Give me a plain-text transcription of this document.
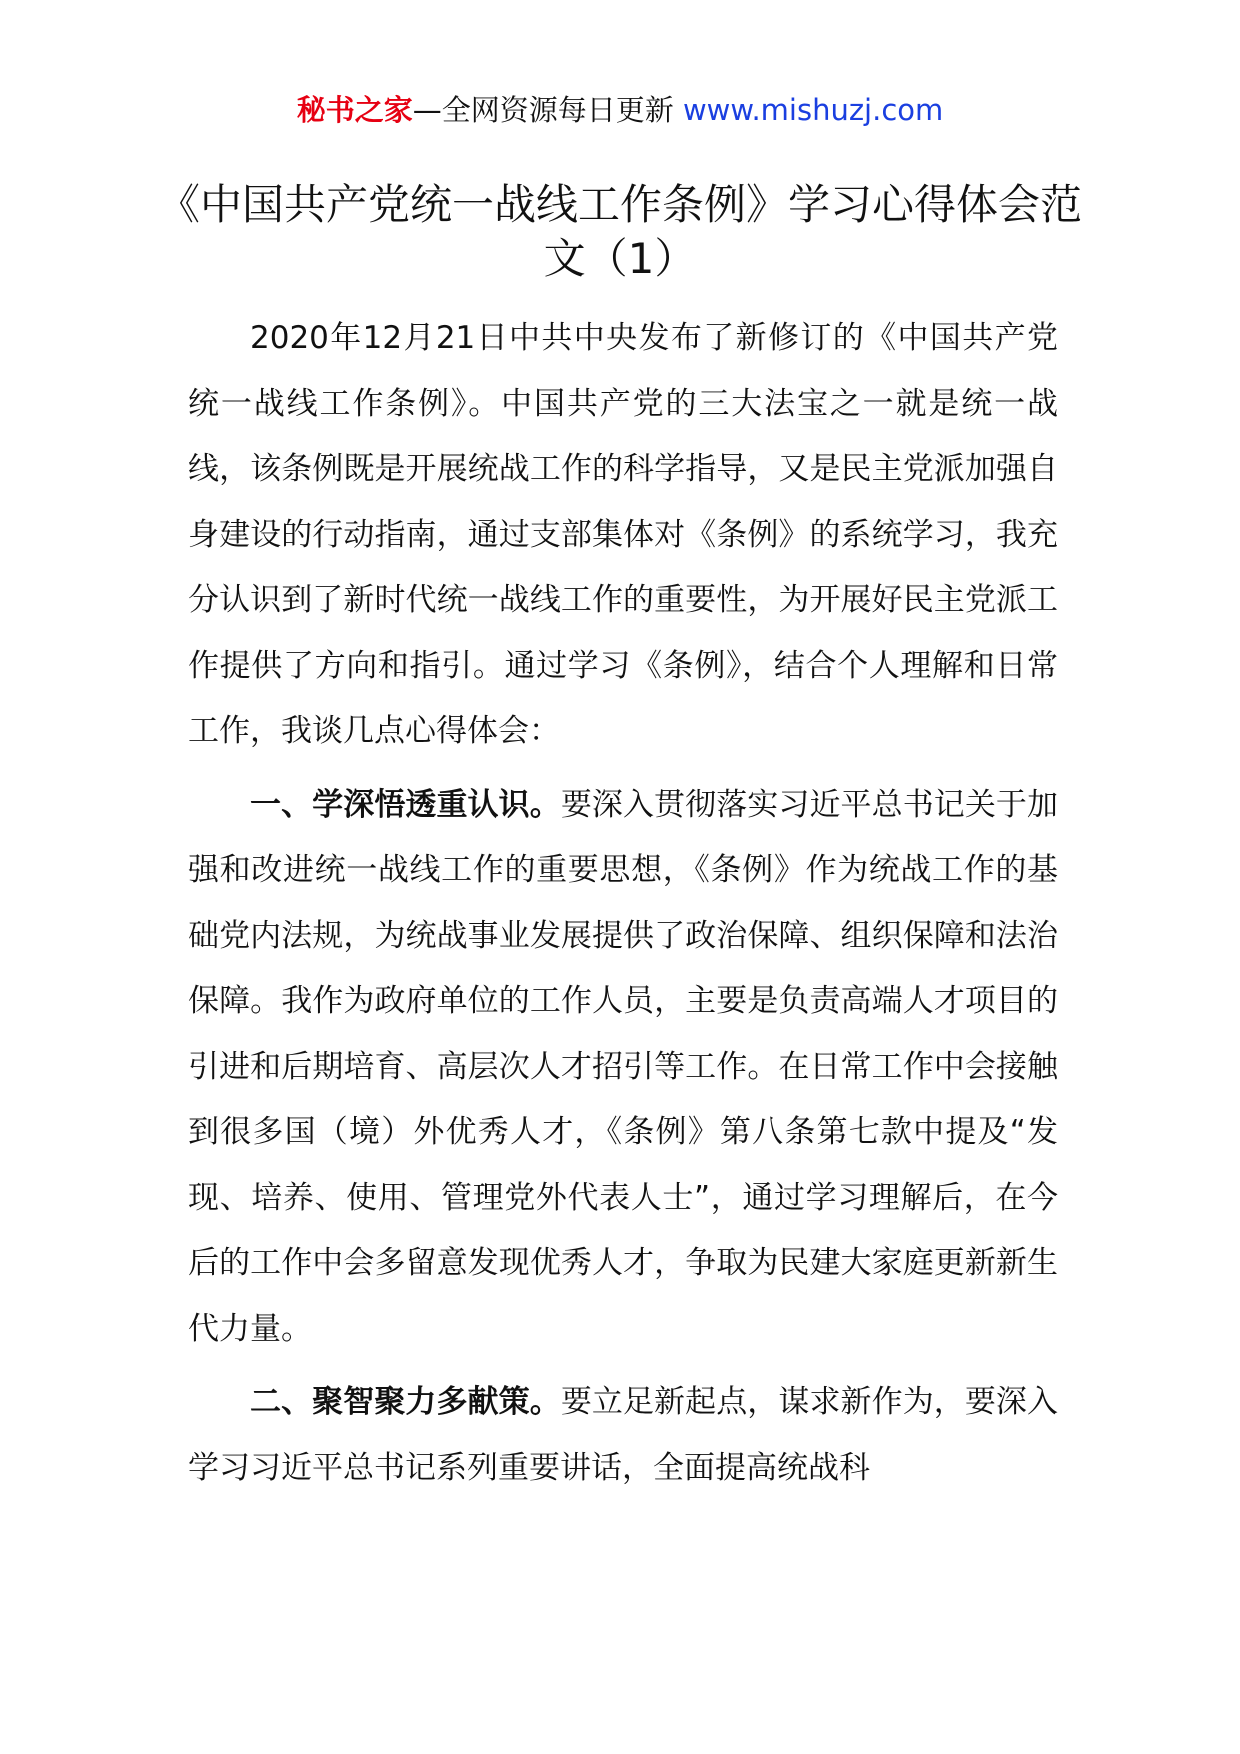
秘书之家—全网资源每日更新 www.mishuzj.com
《中国共产党统一战线工作条例》学习心得体会范文（1）

2020年12月21日中共中央发布了新修订的《中国共产党统一战线工作条例》。中国共产党的三大法宝之一就是统一战线，该条例既是开展统战工作的科学指导，又是民主党派加强自身建设的行动指南，通过支部集体对《条例》的系统学习，我充分认识到了新时代统一战线工作的重要性，为开展好民主党派工作提供了方向和指引。通过学习《条例》，结合个人理解和日常工作，我谈几点心得体会：

一、学深悟透重认识。要深入贯彻落实习近平总书记关于加强和改进统一战线工作的重要思想，《条例》作为统战工作的基础党内法规，为统战事业发展提供了政治保障、组织保障和法治保障。我作为政府单位的工作人员，主要是负责高端人才项目的引进和后期培育、高层次人才招引等工作。在日常工作中会接触到很多国（境）外优秀人才，《条例》第八条第七款中提及“发现、培养、使用、管理党外代表人士”，通过学习理解后，在今后的工作中会多留意发现优秀人才，争取为民建大家庭更新新生代力量。

二、聚智聚力多献策。要立足新起点，谋求新作为，要深入学习习近平总书记系列重要讲话，全面提高统战科
